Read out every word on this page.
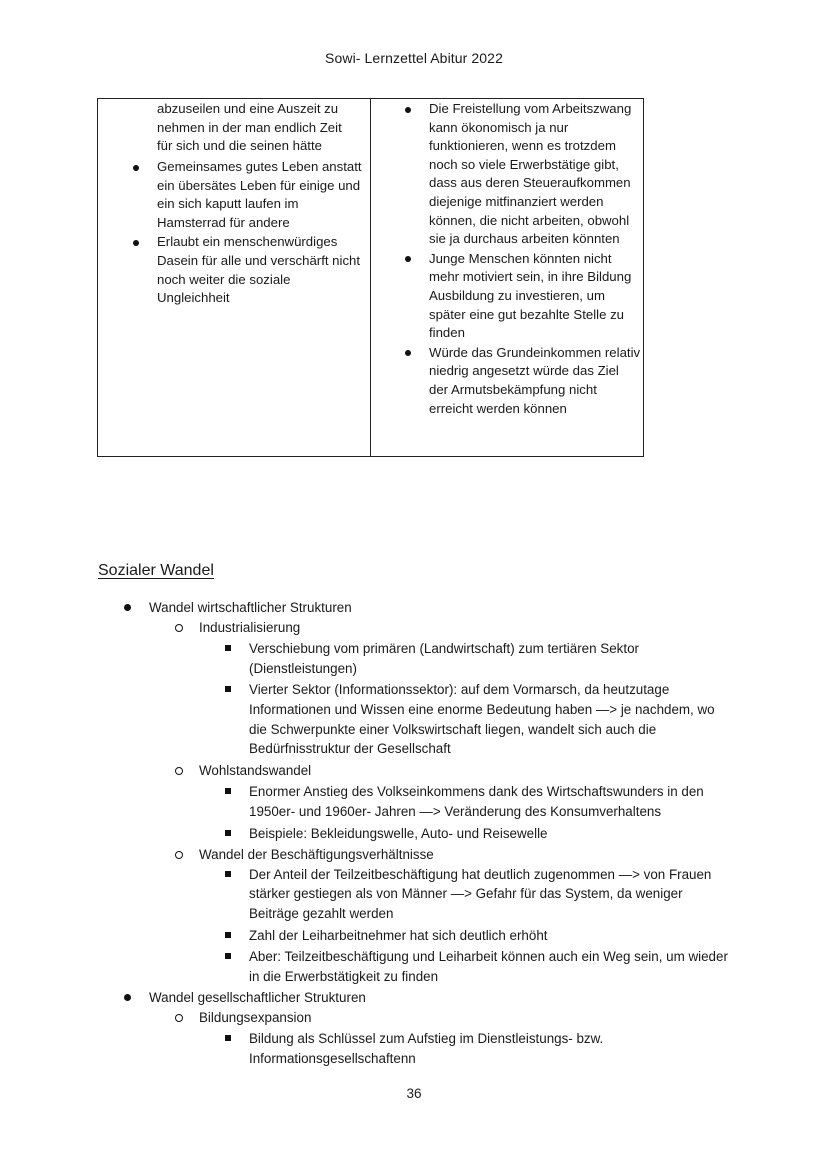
Sowi- Lernzettel Abitur 2022
abzuseilen und eine Auszeit zu
nehmen in der man endlich Zeit
für sich und die seinen hätte
Gemeinsames gutes Leben anstatt ein übersätes Leben für einige und ein sich kaputt laufen im Hamsterrad für andere
Erlaubt ein menschenwürdiges Dasein für alle und verschärft nicht noch weiter die soziale Ungleichheit
Die Freistellung vom Arbeitszwang kann ökonomisch ja nur funktionieren, wenn es trotzdem noch so viele Erwerbstätige gibt, dass aus deren Steueraufkommen diejenige mitfinanziert werden können, die nicht arbeiten, obwohl sie ja durchaus arbeiten könnten
Junge Menschen könnten nicht mehr motiviert sein, in ihre Bildung Ausbildung zu investieren, um später eine gut bezahlte Stelle zu finden
Würde das Grundeinkommen relativ niedrig angesetzt würde das Ziel der Armutsbekämpfung nicht erreicht werden können
Sozialer Wandel
Wandel wirtschaftlicher Strukturen
Industrialisierung
Verschiebung vom primären (Landwirtschaft) zum tertiären Sektor (Dienstleistungen)
Vierter Sektor (Informationssektor): auf dem Vormarsch, da heutzutage Informationen und Wissen eine enorme Bedeutung haben —> je nachdem, wo die Schwerpunkte einer Volkswirtschaft liegen, wandelt sich auch die Bedürfnisstruktur der Gesellschaft
Wohlstandswandel
Enormer Anstieg des Volkseinkommens dank des Wirtschaftswunders in den 1950er- und 1960er- Jahren —> Veränderung des Konsumverhaltens
Beispiele: Bekleidungswelle, Auto- und Reisewelle
Wandel der Beschäftigungsverhältnisse
Der Anteil der Teilzeitbeschäftigung hat deutlich zugenommen —> von Frauen stärker gestiegen als von Männer —> Gefahr für das System, da weniger Beiträge gezahlt werden
Zahl der Leiharbeitnehmer hat sich deutlich erhöht
Aber: Teilzeitbeschäftigung und Leiharbeit können auch ein Weg sein, um wieder in die Erwerbstätigkeit zu finden
Wandel gesellschaftlicher Strukturen
Bildungsexpansion
Bildung als Schlüssel zum Aufstieg im Dienstleistungs- bzw. Informationsgesellschaftenn
36
